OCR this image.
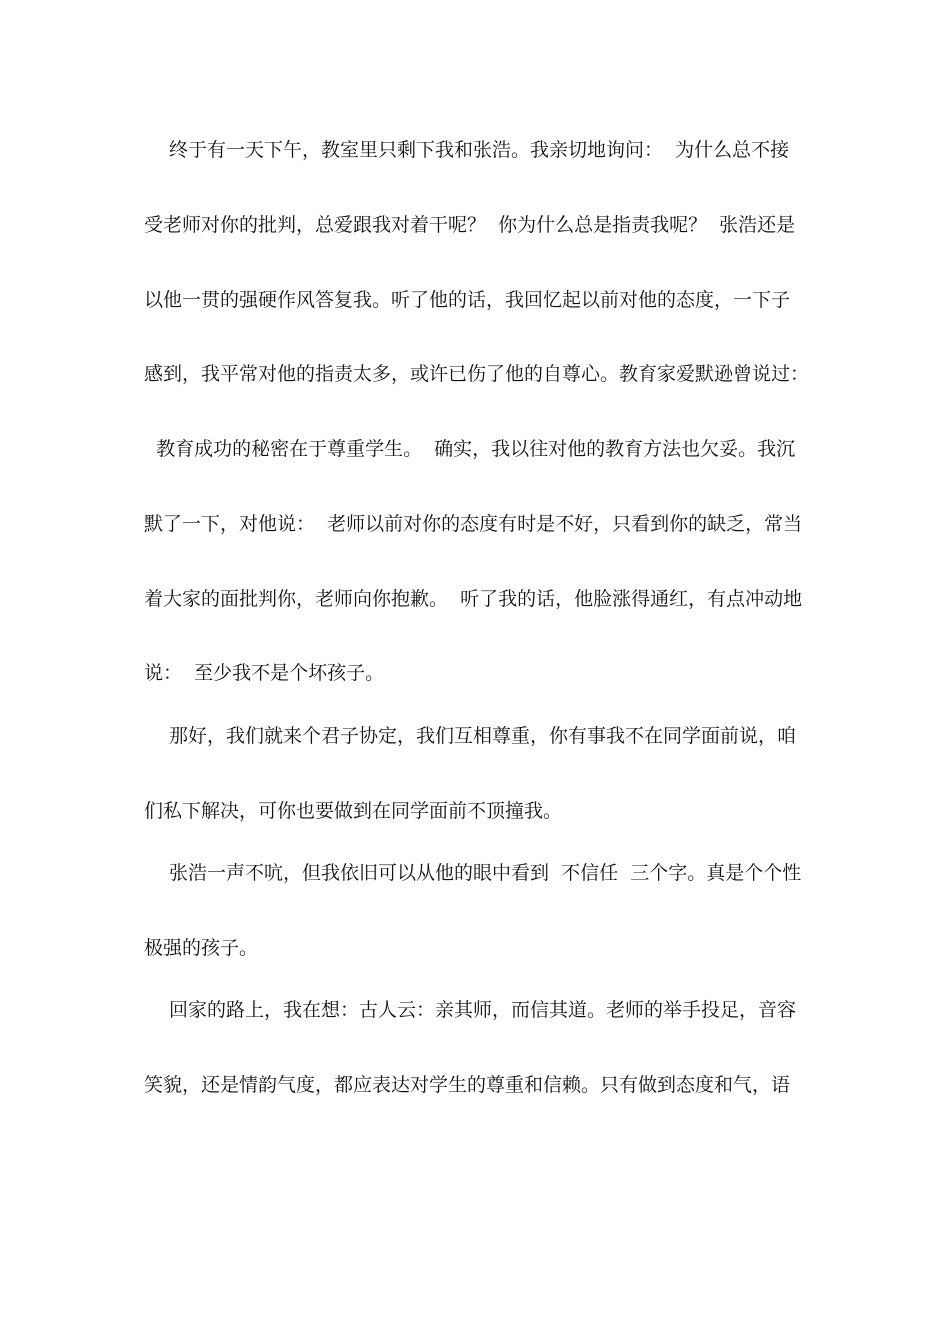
　 终于有一天下午，教室里只剩下我和张浩。我亲切地询问：  为什么总不接
受老师对你的批判，总爱跟我对着干呢？  你为什么总是指责我呢？  张浩还是
以他一贯的强硬作风答复我。听了他的话，我回忆起以前对他的态度，一下子
感到，我平常对他的指责太多，或许已伤了他的自尊心。教育家爱默逊曾说过：
教育成功的秘密在于尊重学生。  确实，我以往对他的教育方法也欠妥。我沉
默了一下，对他说：  老师以前对你的态度有时是不好，只看到你的缺乏，常当
着大家的面批判你，老师向你抱歉。  听了我的话，他脸涨得通红，有点冲动地
说：  至少我不是个坏孩子。
　 那好，我们就来个君子协定，我们互相尊重，你有事我不在同学面前说，咱
们私下解决，可你也要做到在同学面前不顶撞我。
　 张浩一声不吭，但我依旧可以从他的眼中看到  不信任  三个字。真是个个性
极强的孩子。
　 回家的路上，我在想：古人云：亲其师，而信其道。老师的举手投足，音容
笑貌，还是情韵气度，都应表达对学生的尊重和信赖。只有做到态度和气，语
